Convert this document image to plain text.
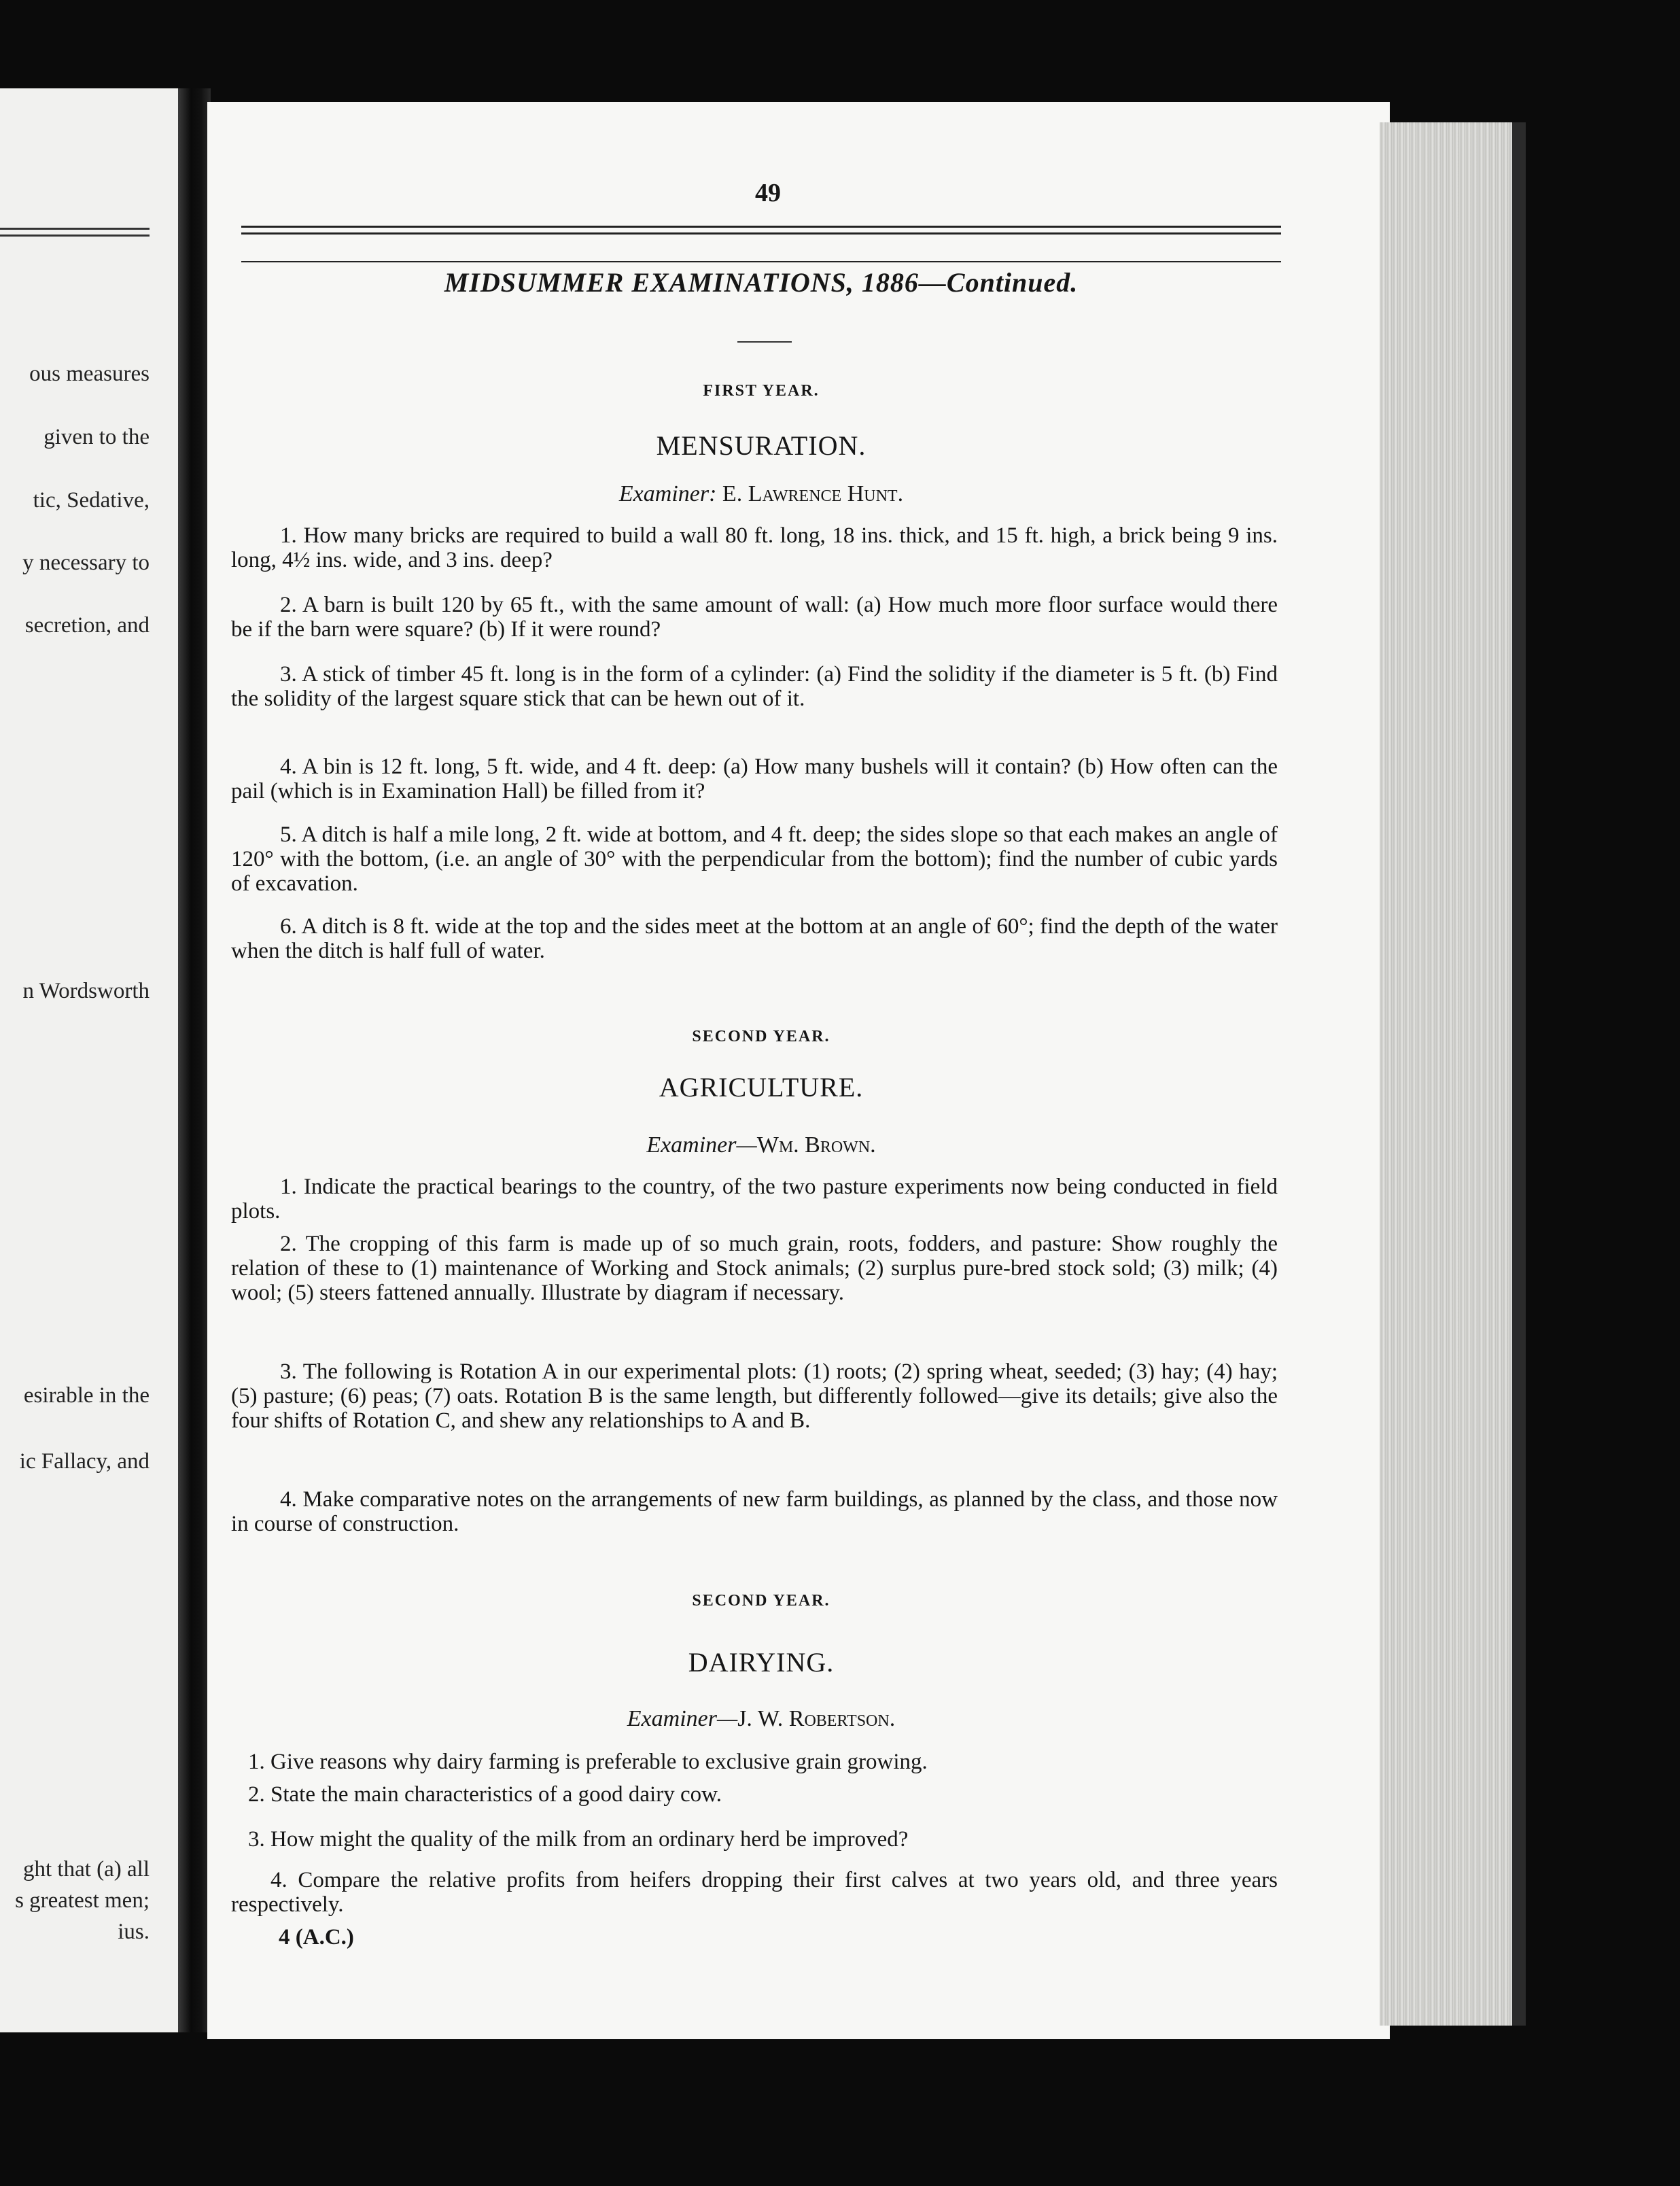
ous measures
given to the
tic, Sedative,
y necessary to
secretion, and
n Wordsworth
esirable in the
ic Fallacy, and
ght that (a) all
s greatest men;
ius.
49
MIDSUMMER EXAMINATIONS, 1886—Continued.
FIRST YEAR.
MENSURATION.
Examiner: E. Lawrence Hunt.
1. How many bricks are required to build a wall 80 ft. long, 18 ins. thick, and 15 ft. high, a brick being 9 ins. long, 4½ ins. wide, and 3 ins. deep?
2. A barn is built 120 by 65 ft., with the same amount of wall: (a) How much more floor surface would there be if the barn were square? (b) If it were round?
3. A stick of timber 45 ft. long is in the form of a cylinder: (a) Find the solidity if the diameter is 5 ft. (b) Find the solidity of the largest square stick that can be hewn out of it.
4. A bin is 12 ft. long, 5 ft. wide, and 4 ft. deep: (a) How many bushels will it contain? (b) How often can the pail (which is in Examination Hall) be filled from it?
5. A ditch is half a mile long, 2 ft. wide at bottom, and 4 ft. deep; the sides slope so that each makes an angle of 120° with the bottom, (i.e. an angle of 30° with the perpendicular from the bottom); find the number of cubic yards of excavation.
6. A ditch is 8 ft. wide at the top and the sides meet at the bottom at an angle of 60°; find the depth of the water when the ditch is half full of water.
SECOND YEAR.
AGRICULTURE.
Examiner—Wm. Brown.
1. Indicate the practical bearings to the country, of the two pasture experiments now being conducted in field plots.
2. The cropping of this farm is made up of so much grain, roots, fodders, and pasture: Show roughly the relation of these to (1) maintenance of Working and Stock animals; (2) surplus pure-bred stock sold; (3) milk; (4) wool; (5) steers fattened annually. Illustrate by diagram if necessary.
3. The following is Rotation A in our experimental plots: (1) roots; (2) spring wheat, seeded; (3) hay; (4) hay; (5) pasture; (6) peas; (7) oats. Rotation B is the same length, but differently followed—give its details; give also the four shifts of Rotation C, and shew any relationships to A and B.
4. Make comparative notes on the arrangements of new farm buildings, as planned by the class, and those now in course of construction.
SECOND YEAR.
DAIRYING.
Examiner—J. W. Robertson.
1. Give reasons why dairy farming is preferable to exclusive grain growing.
2. State the main characteristics of a good dairy cow.
3. How might the quality of the milk from an ordinary herd be improved?
4. Compare the relative profits from heifers dropping their first calves at two years old, and three years respectively.
4 (A.C.)
